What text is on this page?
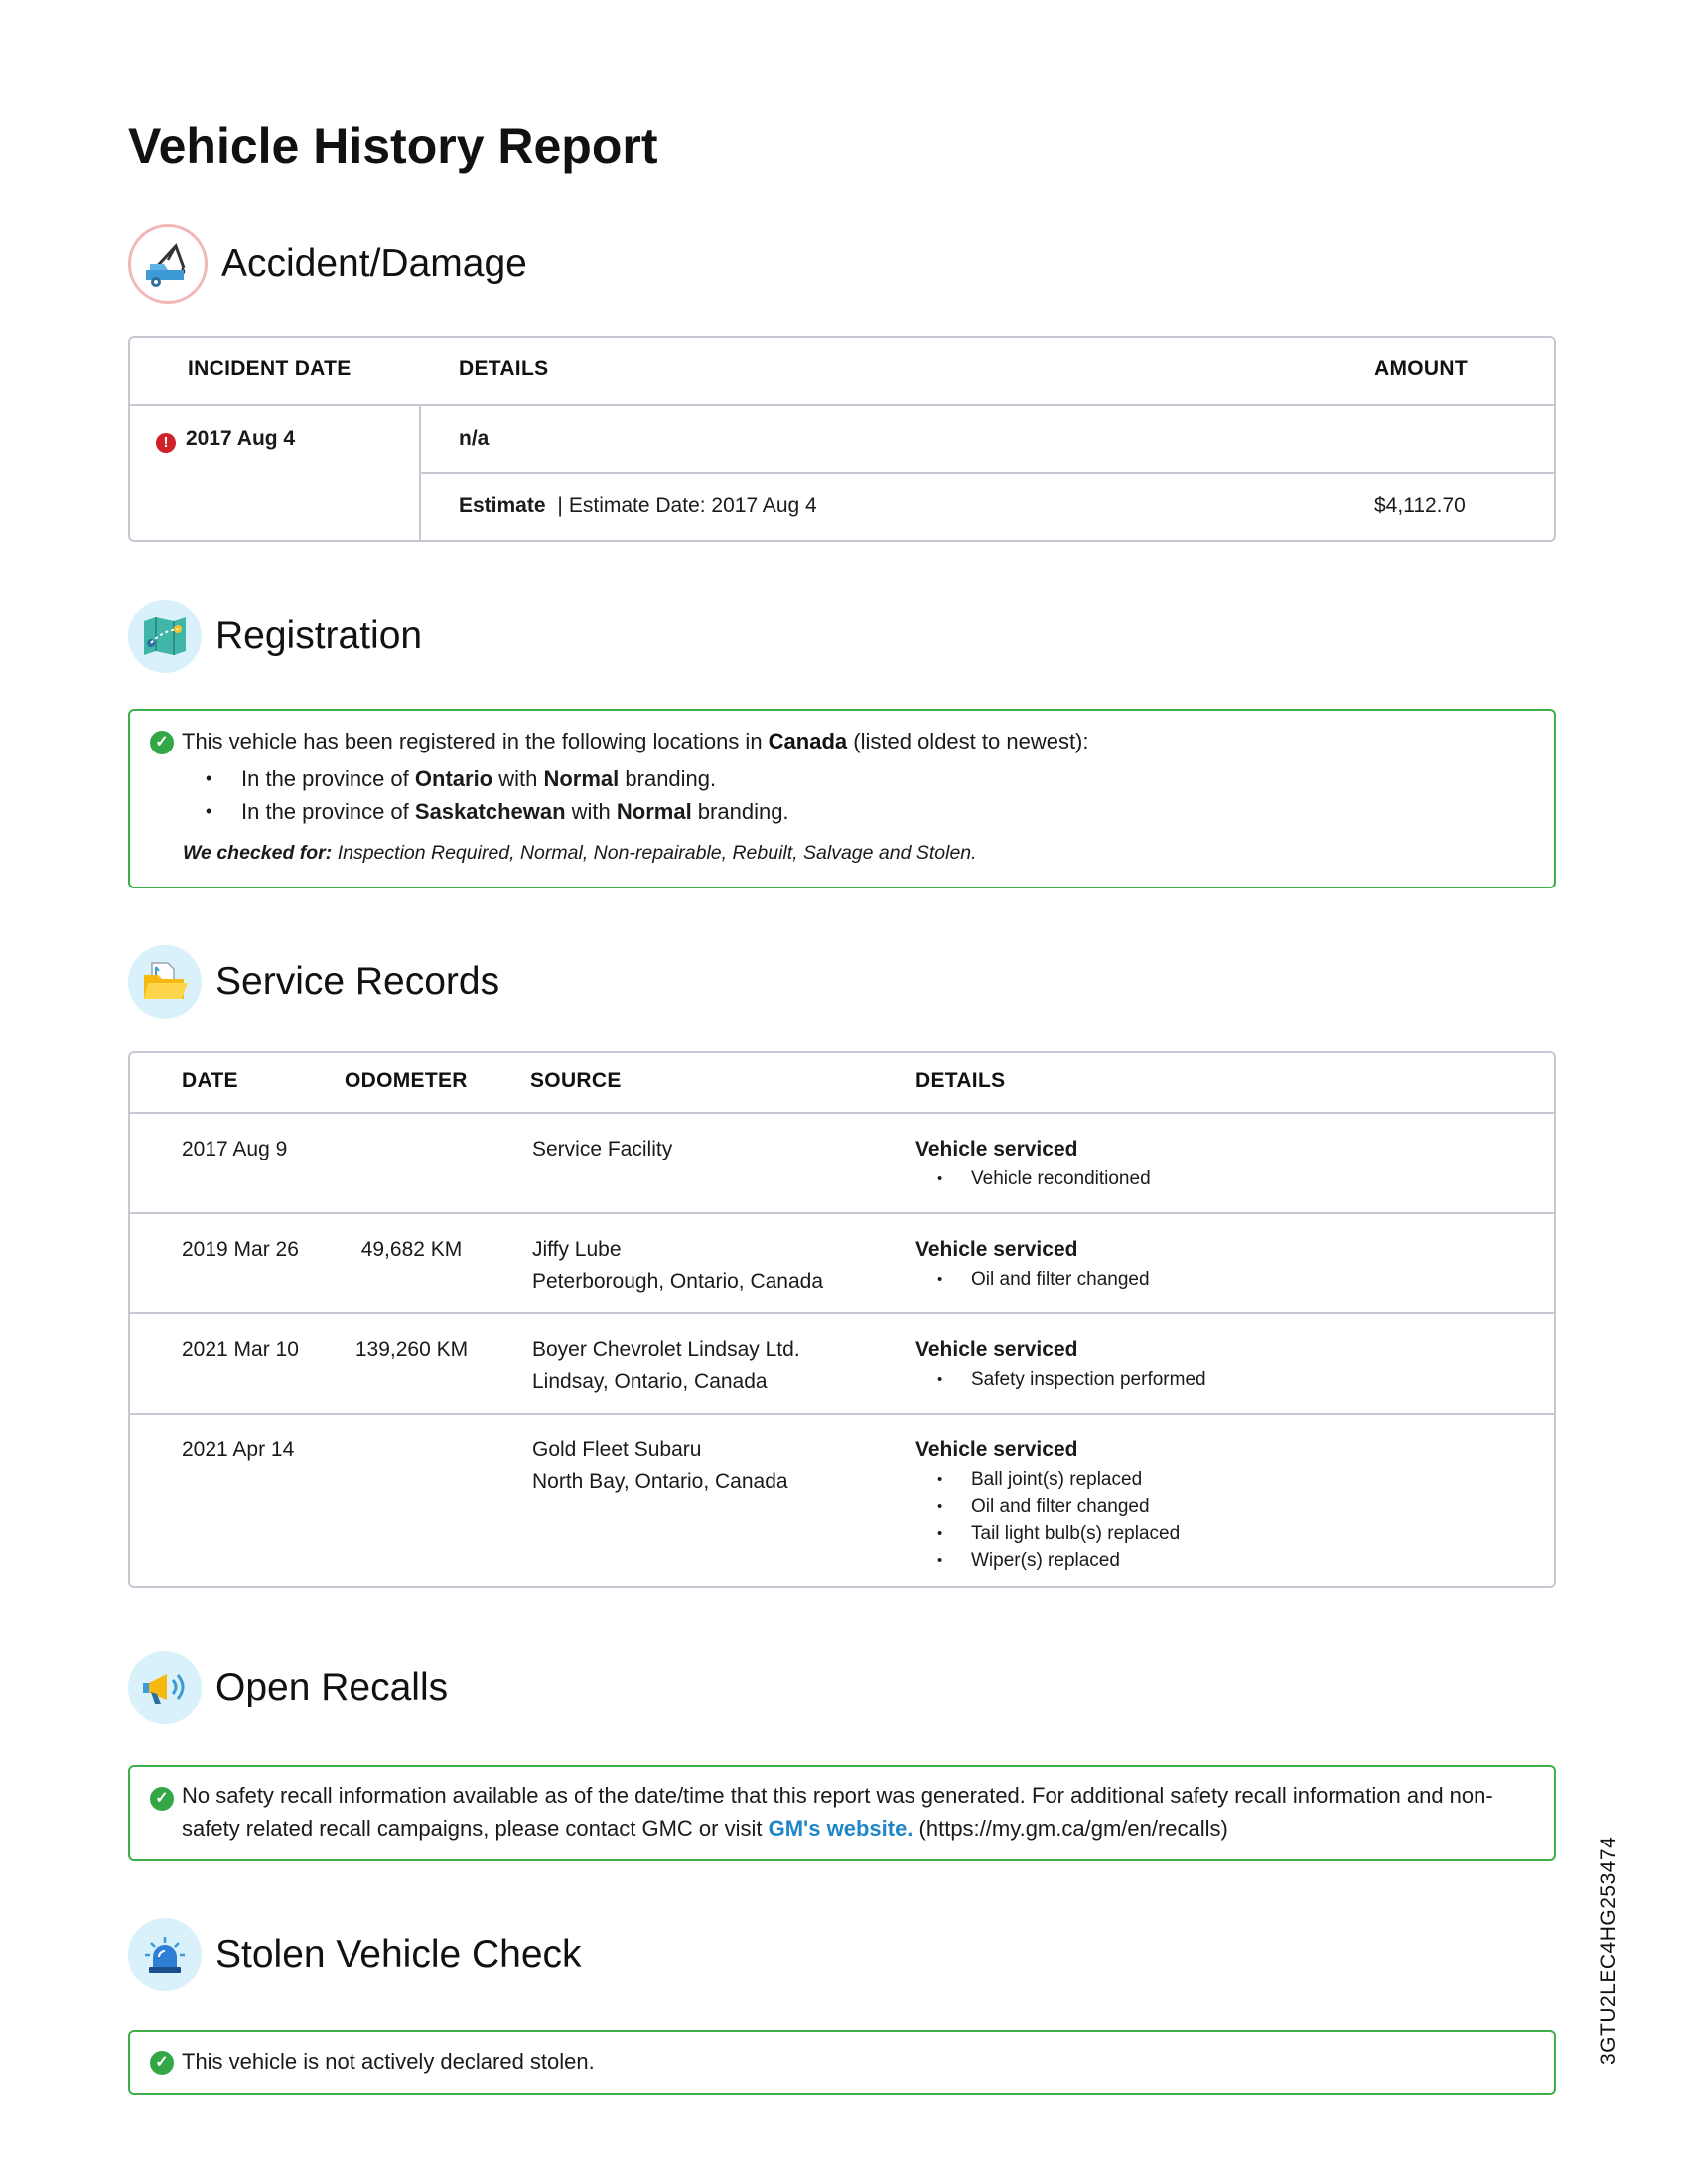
Vehicle History Report
Accident/Damage
INCIDENT DATE	DETAILS	AMOUNT
! 2017 Aug 4	n/a
Estimate | Estimate Date: 2017 Aug 4	$4,112.70
Registration
✓ This vehicle has been registered in the following locations in Canada (listed oldest to newest):
• In the province of Ontario with Normal branding.
• In the province of Saskatchewan with Normal branding.
We checked for: Inspection Required, Normal, Non-repairable, Rebuilt, Salvage and Stolen.
Service Records
DATE	ODOMETER	SOURCE	DETAILS
2017 Aug 9	Service Facility	Vehicle serviced
• Vehicle reconditioned
2019 Mar 26	49,682 KM	Jiffy Lube
Peterborough, Ontario, Canada
Vehicle serviced
• Oil and filter changed
2021 Mar 10	139,260 KM	Boyer Chevrolet Lindsay Ltd.
Lindsay, Ontario, Canada
Vehicle serviced
• Safety inspection performed
2021 Apr 14	Gold Fleet Subaru
North Bay, Ontario, Canada
Vehicle serviced
• Ball joint(s) replaced
• Oil and filter changed
• Tail light bulb(s) replaced
• Wiper(s) replaced
Open Recalls
✓ No safety recall information available as of the date/time that this report was generated. For additional safety recall information and non-safety related recall campaigns, please contact GMC or visit GM's website. (https://my.gm.ca/gm/en/recalls)
Stolen Vehicle Check
✓ This vehicle is not actively declared stolen.	3GTU2LEC4HG253474
